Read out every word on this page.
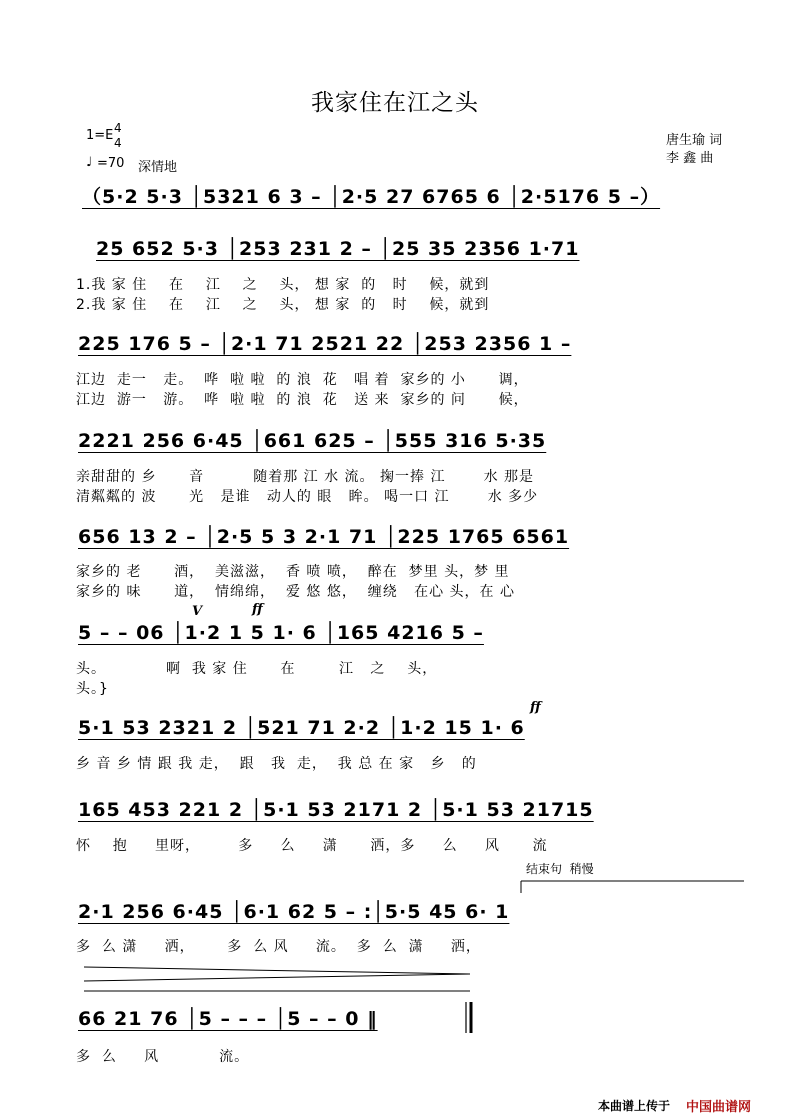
我家住在江之头
1=E 4
4
♩ =70 深情地
唐生瑜 词
李 鑫 曲
（5·2 5·3 │5321 6 3 – │2·5 27 6765 6 │2·5176 5 –）
25 652 5·3 │253 231 2 – │25 35 2356 1·71
1.我 家 住    在    江    之    头， 想 家  的   时    候，就到
2.我 家 住    在    江    之    头， 想 家  的   时    候，就到
225 176 5 – │2·1 71 2521 22 │253 2356 1 –
江边  走一   走。  哗  啦 啦  的 浪  花   唱 着  家乡的 小      调，
江边  游一   游。  哗  啦 啦  的 浪  花   送 来  家乡的 问      候，
2221 256 6·45 │661 625 – │555 316 5·35
亲甜甜的 乡      音         随着那 江 水 流。 掬一捧 江       水 那是
清粼粼的 波      光   是谁   动人的 眼   眸。 喝一口 江       水 多少
656 13 2 – │2·5 5 3 2·1 71 │225 1765 6561
家乡的 老      酒，  美滋滋，  香 喷 喷，  醉在  梦里 头，梦 里
家乡的 味      道，  情绵绵，  爱 悠 悠，  缠绕   在心 头，在 心
V	ff
5 – – 06 │1·2 1 5 1· 6 │165 4216 5 –
头。           啊  我 家 住      在        江   之    头，
头。}
ff
5·1 53 2321 2 │521 71 2·2 │1·2 15 1· 6
乡 音 乡 情 跟 我 走，  跟   我  走，  我 总 在 家   乡   的
165 453 221 2 │5·1 53 2171 2 │5·1 53 21715
怀    抱     里呀，       多     么     潇      洒，多     么     风      流
结束句  稍慢
2·1 256 6·45 │6·1 62 5 – :│5·5 45 6· 1
多  么 潇     洒，      多  么 风     流。  多  么  潇     洒，
66 21 76 │5 – – – │5 – – 0 ‖
多  么     风           流。
本曲谱上传于 中国曲谱网
